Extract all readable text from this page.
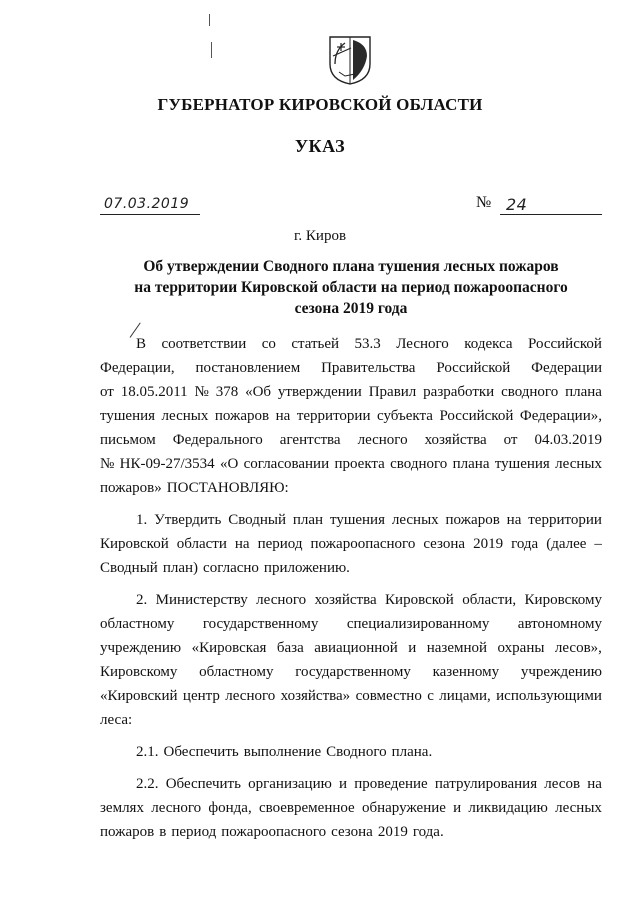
ГУБЕРНАТОР КИРОВСКОЙ ОБЛАСТИ
УКАЗ
07.03.2019	№ 24
г. Киров
Об утверждении Сводного плана тушения лесных пожаров
на территории Кировской области на период пожароопасного
сезона 2019 года
В соответствии со статьей 53.3 Лесного кодекса Российской
Федерации, постановлением Правительства Российской Федерации
от 18.05.2011 № 378 «Об утверждении Правил разработки сводного плана
тушения лесных пожаров на территории субъекта Российской Федерации»,
письмом Федерального агентства лесного хозяйства от 04.03.2019
№ НК-09-27/3534 «О согласовании проекта сводного плана тушения лесных
пожаров» ПОСТАНОВЛЯЮ:
1. Утвердить Сводный план тушения лесных пожаров на территории
Кировской области на период пожароопасного сезона 2019 года (далее –
Сводный план) согласно приложению.
2. Министерству лесного хозяйства Кировской области, Кировскому
областному государственному специализированному автономному
учреждению «Кировская база авиационной и наземной охраны лесов»,
Кировскому областному государственному казенному учреждению
«Кировский центр лесного хозяйства» совместно с лицами, использующими
леса:
2.1. Обеспечить выполнение Сводного плана.
2.2. Обеспечить организацию и проведение патрулирования лесов на
землях лесного фонда, своевременное обнаружение и ликвидацию лесных
пожаров в период пожароопасного сезона 2019 года.
